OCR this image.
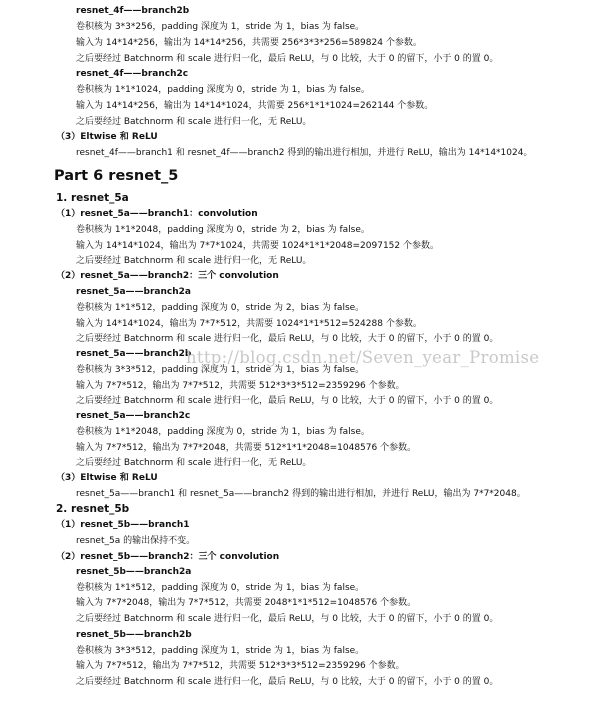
resnet_4f——branch2b
卷积核为 3*3*256，padding 深度为 1，stride 为 1，bias 为 false。
输入为 14*14*256，输出为 14*14*256，共需要 256*3*3*256=589824 个参数。
之后要经过 Batchnorm 和 scale 进行归一化，最后 ReLU，与 0 比较，大于 0 的留下，小于 0 的置 0。
resnet_4f——branch2c
卷积核为 1*1*1024，padding 深度为 0，stride 为 1，bias 为 false。
输入为 14*14*256，输出为 14*14*1024，共需要 256*1*1*1024=262144 个参数。
之后要经过 Batchnorm 和 scale 进行归一化，无 ReLU。
（3）Eltwise 和 ReLU
resnet_4f——branch1 和 resnet_4f——branch2 得到的输出进行相加，并进行 ReLU，输出为 14*14*1024。
Part 6 resnet_5
1. resnet_5a
（1）resnet_5a——branch1：convolution
卷积核为 1*1*2048，padding 深度为 0，stride 为 2，bias 为 false。
输入为 14*14*1024，输出为 7*7*1024，共需要 1024*1*1*2048=2097152 个参数。
之后要经过 Batchnorm 和 scale 进行归一化，无 ReLU。
（2）resnet_5a——branch2：三个 convolution
resnet_5a——branch2a
卷积核为 1*1*512，padding 深度为 0，stride 为 2，bias 为 false。
输入为 14*14*1024，输出为 7*7*512，共需要 1024*1*1*512=524288 个参数。
之后要经过 Batchnorm 和 scale 进行归一化，最后 ReLU，与 0 比较，大于 0 的留下，小于 0 的置 0。
resnet_5a——branch2b
卷积核为 3*3*512，padding 深度为 1，stride 为 1，bias 为 false。
输入为 7*7*512，输出为 7*7*512，共需要 512*3*3*512=2359296 个参数。
之后要经过 Batchnorm 和 scale 进行归一化，最后 ReLU，与 0 比较，大于 0 的留下，小于 0 的置 0。
resnet_5a——branch2c
卷积核为 1*1*2048，padding 深度为 0，stride 为 1，bias 为 false。
输入为 7*7*512，输出为 7*7*2048，共需要 512*1*1*2048=1048576 个参数。
之后要经过 Batchnorm 和 scale 进行归一化，无 ReLU。
（3）Eltwise 和 ReLU
resnet_5a——branch1 和 resnet_5a——branch2 得到的输出进行相加，并进行 ReLU，输出为 7*7*2048。
2. resnet_5b
（1）resnet_5b——branch1
resnet_5a 的输出保持不变。
（2）resnet_5b——branch2：三个 convolution
resnet_5b——branch2a
卷积核为 1*1*512，padding 深度为 0，stride 为 1，bias 为 false。
输入为 7*7*2048，输出为 7*7*512，共需要 2048*1*1*512=1048576 个参数。
之后要经过 Batchnorm 和 scale 进行归一化，最后 ReLU，与 0 比较，大于 0 的留下，小于 0 的置 0。
resnet_5b——branch2b
卷积核为 3*3*512，padding 深度为 1，stride 为 1，bias 为 false。
输入为 7*7*512，输出为 7*7*512，共需要 512*3*3*512=2359296 个参数。
之后要经过 Batchnorm 和 scale 进行归一化，最后 ReLU，与 0 比较，大于 0 的留下，小于 0 的置 0。
http://blog.csdn.net/Seven_year_Promise
